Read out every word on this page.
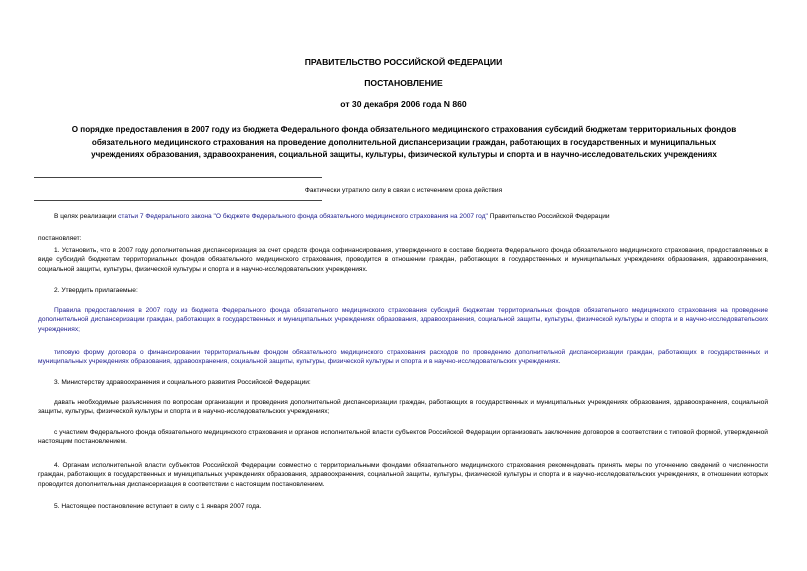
ПРАВИТЕЛЬСТВО РОССИЙСКОЙ ФЕДЕРАЦИИ
ПОСТАНОВЛЕНИЕ
от 30 декабря 2006 года N 860
О порядке предоставления в 2007 году из бюджета Федерального фонда обязательного медицинского страхования субсидий бюджетам территориальных фондов
обязательного медицинского страхования на проведение дополнительной диспансеризации граждан, работающих в государственных и муниципальных
учреждениях образования, здравоохранения, социальной защиты, культуры, физической культуры и спорта и в научно-исследовательских учреждениях
Фактически утратило силу в связи с истечением срока действия
В целях реализации статьи 7 Федерального закона "О бюджете Федерального фонда обязательного медицинского страхования на 2007 год" Правительство Российской Федерации
постановляет:
1. Установить, что в 2007 году дополнительная диспансеризация за счет средств фонда софинансирования, утвержденного в составе бюджета Федерального фонда обязательного медицинского страхования, предоставляемых в виде субсидий бюджетам территориальных фондов обязательного медицинского страхования, проводится в отношении граждан, работающих в государственных и муниципальных учреждениях образования, здравоохранения, социальной защиты, культуры, физической культуры и спорта и в научно-исследовательских учреждениях.
2. Утвердить прилагаемые:
Правила предоставления в 2007 году из бюджета Федерального фонда обязательного медицинского страхования субсидий бюджетам территориальных фондов обязательного медицинского страхования на проведение дополнительной диспансеризации граждан, работающих в государственных и муниципальных учреждениях образования, здравоохранения, социальной защиты, культуры, физической культуры и спорта и в научно-исследовательских учреждениях;
типовую форму договора о финансировании территориальным фондом обязательного медицинского страхования расходов по проведению дополнительной диспансеризации граждан, работающих в государственных и муниципальных учреждениях образования, здравоохранения, социальной защиты, культуры, физической культуры и спорта и в научно-исследовательских учреждениях.
3. Министерству здравоохранения и социального развития Российской Федерации:
давать необходимые разъяснения по вопросам организации и проведения дополнительной диспансеризации граждан, работающих в государственных и муниципальных учреждениях образования, здравоохранения, социальной защиты, культуры, физической культуры и спорта и в научно-исследовательских учреждениях;
с участием Федерального фонда обязательного медицинского страхования и органов исполнительной власти субъектов Российской Федерации организовать заключение договоров в соответствии с типовой формой, утвержденной настоящим постановлением.
4. Органам исполнительной власти субъектов Российской Федерации совместно с территориальными фондами обязательного медицинского страхования рекомендовать принять меры по уточнению сведений о численности граждан, работающих в государственных и муниципальных учреждениях образования, здравоохранения, социальной защиты, культуры, физической культуры и спорта и в научно-исследовательских учреждениях, в отношении которых проводится дополнительная диспансеризация в соответствии с настоящим постановлением.
5. Настоящее постановление вступает в силу с 1 января 2007 года.
